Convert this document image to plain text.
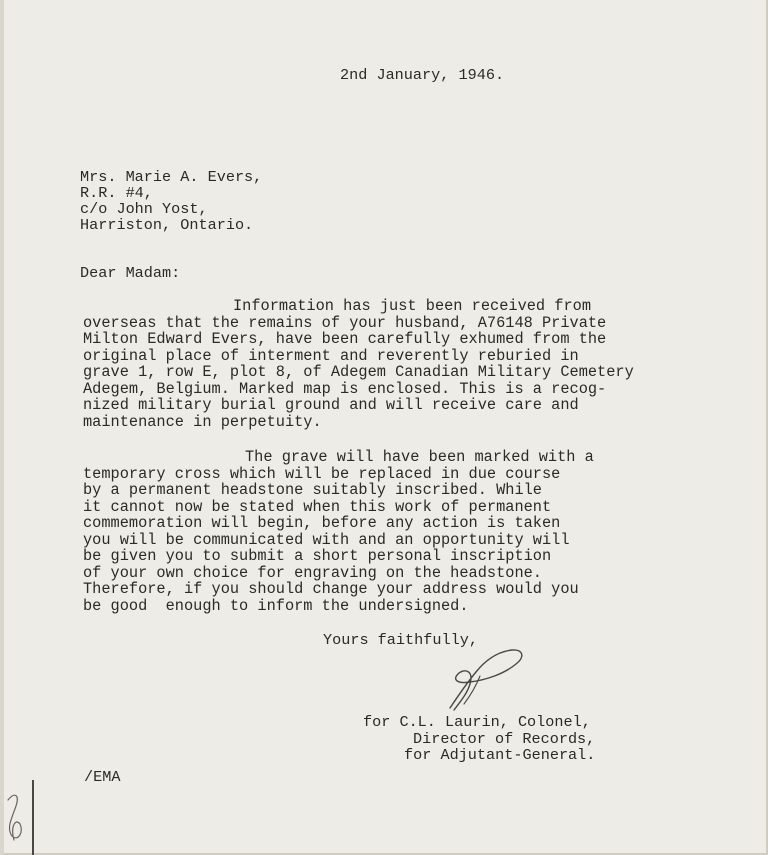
2nd January, 1946.

Mrs. Marie A. Evers,

R.R. #4,

c/o John Yost,

Harriston, Ontario.

Dear Madam:

Information has just been received from

overseas that the remains of your husband, A76148 Private

Milton Edward Evers, have been carefully exhumed from the

original place of interment and reverently reburied in

grave 1, row E, plot 8, of Adegem Canadian Military Cemetery

Adegem, Belgium. Marked map is enclosed. This is a recog-

nized military burial ground and will receive care and

maintenance in perpetuity.

The grave will have been marked with a

temporary cross which will be replaced in due course

by a permanent headstone suitably inscribed. While

it cannot now be stated when this work of permanent

commemoration will begin, before any action is taken

you will be communicated with and an opportunity will

be given you to submit a short personal inscription

of your own choice for engraving on the headstone.

Therefore, if you should change your address would you

be good  enough to inform the undersigned.

Yours faithfully,

for C.L. Laurin, Colonel,

Director of Records,

for Adjutant-General.

/EMA
